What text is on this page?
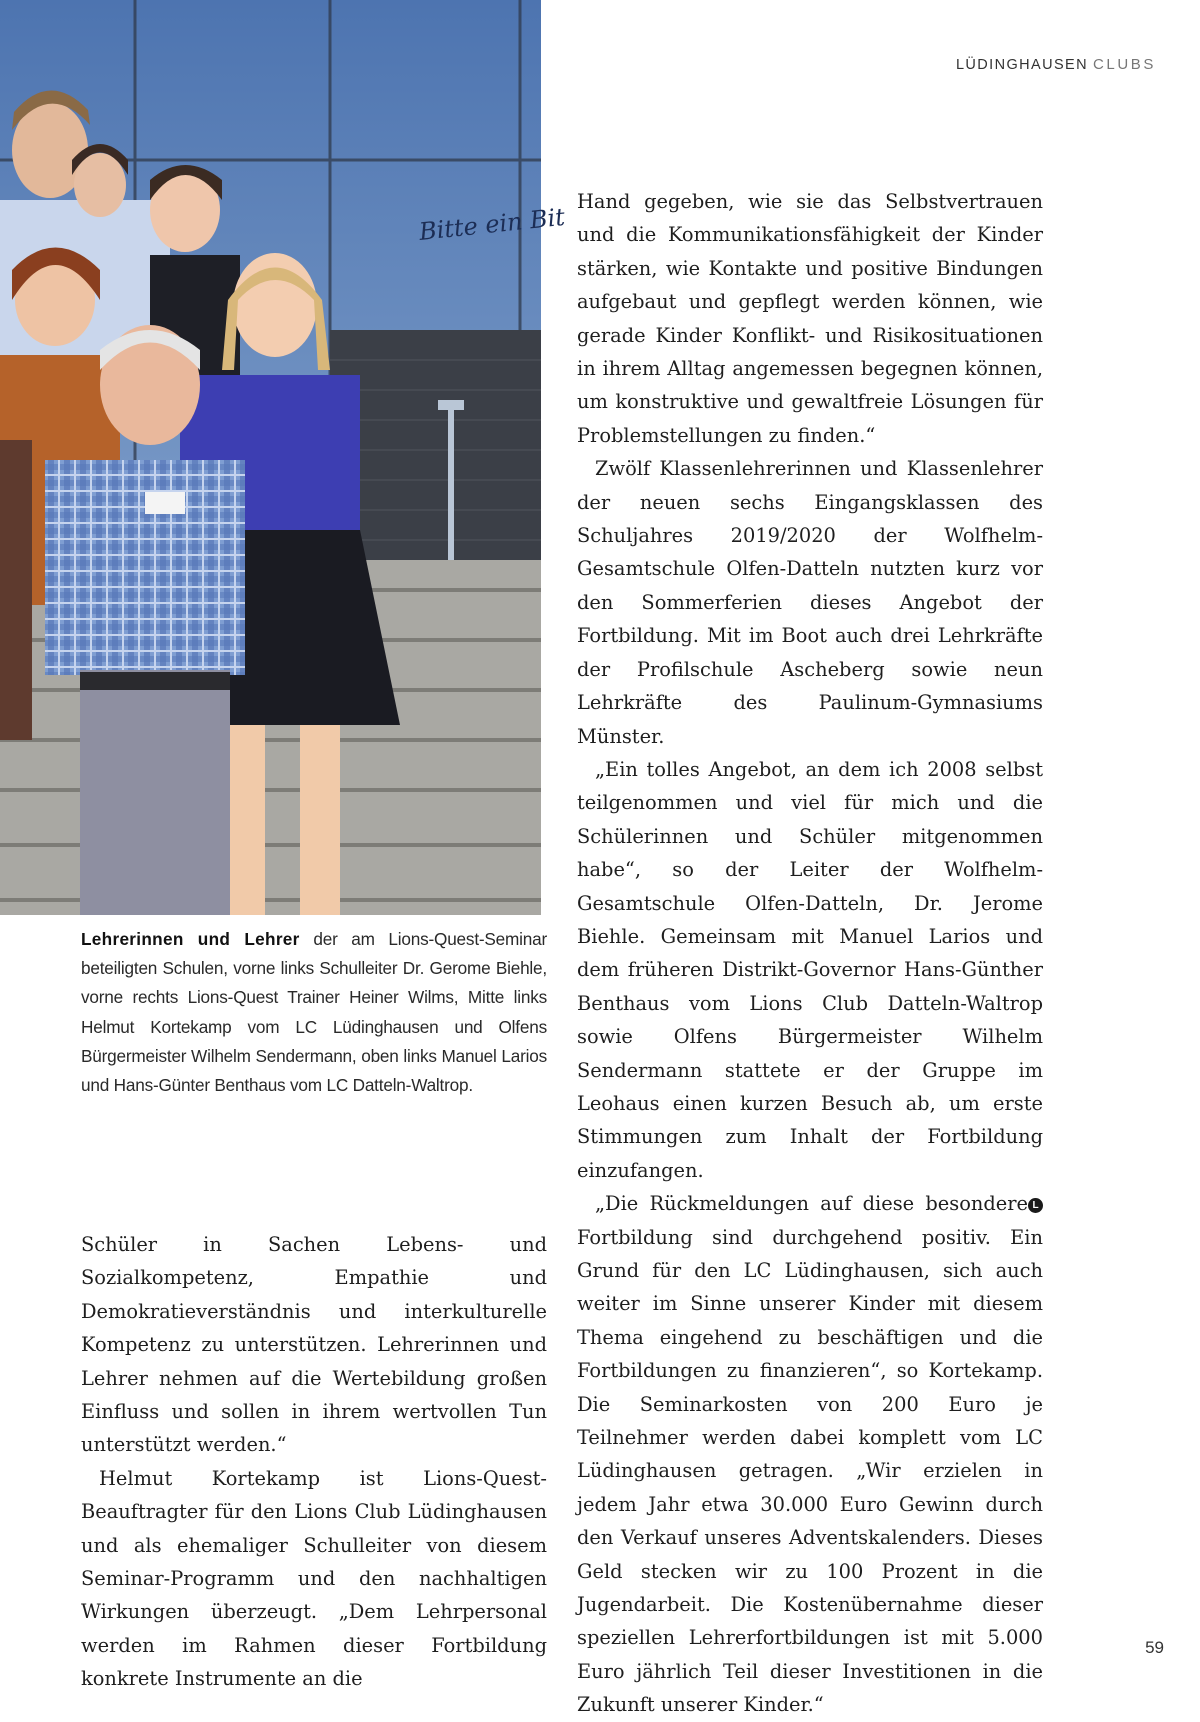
LÜDINGHAUSEN CLUBS
Bitte ein Bit
Lehrerinnen und Lehrer der am Lions-Quest-Seminar beteiligten Schulen, vorne links Schulleiter Dr. Gerome Biehle, vorne rechts Lions-Quest Trainer Heiner Wilms, Mitte links Helmut Kortekamp vom LC Lüdinghausen und Olfens Bürgermeister Wilhelm Sendermann, oben links Manuel Larios und Hans-Günter Benthaus vom LC Datteln-Waltrop.

Schüler in Sachen Lebens- und Sozialkompetenz, Empathie und Demokratieverständnis und interkulturelle Kompetenz zu unterstützen. Lehrerinnen und Lehrer nehmen auf die Wertebildung großen Einfluss und sollen in ihrem wertvollen Tun unterstützt werden.“

Helmut Kortekamp ist Lions-Quest-Beauftragter für den Lions Club Lüdinghausen und als ehemaliger Schulleiter von diesem Seminar-Programm und den nachhaltigen Wirkungen überzeugt. „Dem Lehrpersonal werden im Rahmen dieser Fortbildung konkrete Instrumente an die

Hand gegeben, wie sie das Selbstvertrauen und die Kommunikationsfähigkeit der Kinder stärken, wie Kontakte und positive Bindungen aufgebaut und gepflegt werden können, wie gerade Kinder Konflikt- und Risikosituationen in ihrem Alltag angemessen begegnen können, um konstruktive und gewaltfreie Lösungen für Problemstellungen zu finden.“

Zwölf Klassenlehrerinnen und Klassenlehrer der neuen sechs Eingangsklassen des Schuljahres 2019/2020 der Wolfhelm-Gesamtschule Olfen-Datteln nutzten kurz vor den Sommerferien dieses Angebot der Fortbildung. Mit im Boot auch drei Lehrkräfte der Profilschule Ascheberg sowie neun Lehrkräfte des Paulinum-Gymnasiums Münster.

„Ein tolles Angebot, an dem ich 2008 selbst teilgenommen und viel für mich und die Schülerinnen und Schüler mitgenommen habe“, so der Leiter der Wolfhelm-Gesamtschule Olfen-Datteln, Dr. Jerome Biehle. Gemeinsam mit Manuel Larios und dem früheren Distrikt-Governor Hans-Günther Benthaus vom Lions Club Datteln-Waltrop sowie Olfens Bürgermeister Wilhelm Sendermann stattete er der Gruppe im Leohaus einen kurzen Besuch ab, um erste Stimmungen zum Inhalt der Fortbildung einzufangen.

L
„Die Rückmeldungen auf diese besondere Fortbildung sind durchgehend positiv. Ein Grund für den LC Lüdinghausen, sich auch weiter im Sinne unserer Kinder mit diesem Thema eingehend zu beschäftigen und die Fortbildungen zu finanzieren“, so Kortekamp. Die Seminarkosten von 200 Euro je Teilnehmer werden dabei komplett vom LC Lüdinghausen getragen. „Wir erzielen in jedem Jahr etwa 30.000 Euro Gewinn durch den Verkauf unseres Adventskalenders. Dieses Geld stecken wir zu 100 Prozent in die Jugendarbeit. Die Kostenübernahme dieser speziellen Lehrerfortbildungen ist mit 5.000 Euro jährlich Teil dieser Investitionen in die Zukunft unserer Kinder.“

59
